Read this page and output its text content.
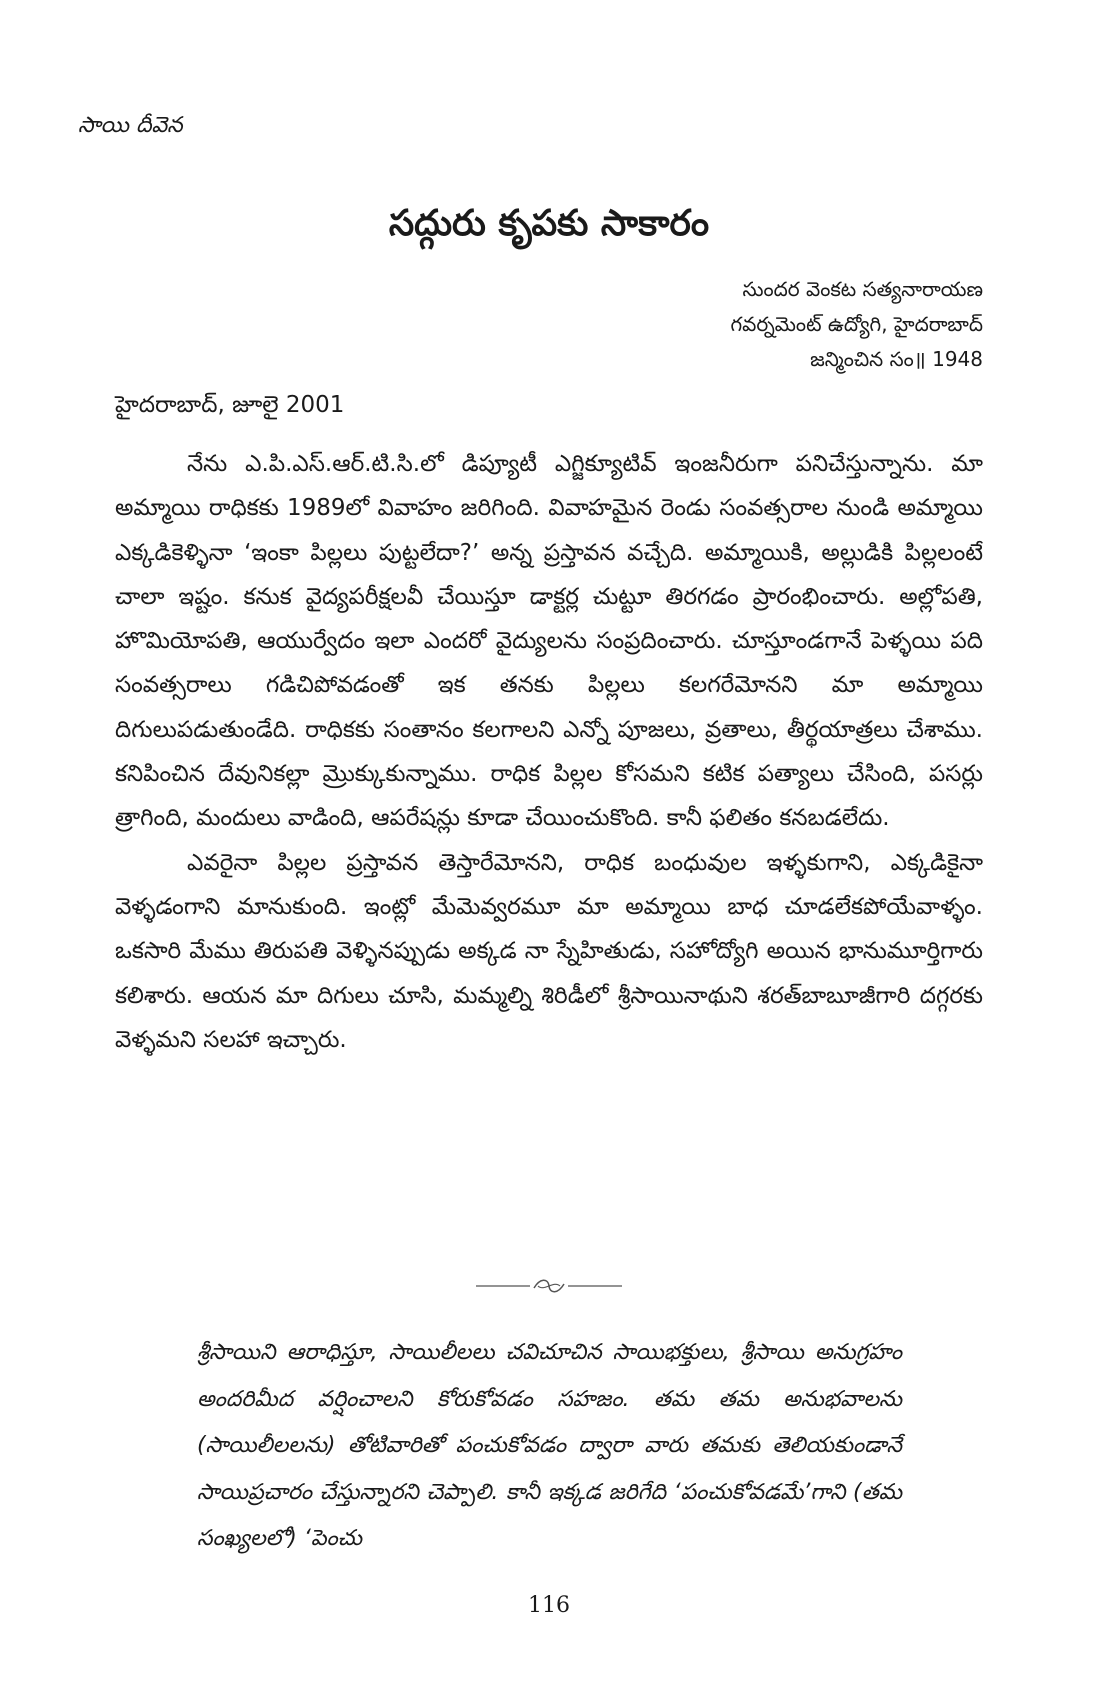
సాయి దీవెన
సద్గురు కృపకు సాకారం
సుందర వెంకట సత్యనారాయణ
గవర్నమెంట్ ఉద్యోగి, హైదరాబాద్
జన్మించిన సం॥ 1948
హైదరాబాద్, జూలై 2001

నేను ఎ.పి.ఎస్.ఆర్.టి.సి.లో డిప్యూటీ ఎగ్జిక్యూటివ్ ఇంజనీరుగా పనిచేస్తున్నాను. మా అమ్మాయి రాధికకు 1989లో వివాహం జరిగింది. వివాహమైన రెండు సంవత్సరాల నుండి అమ్మాయి ఎక్కడికెళ్ళినా ‘ఇంకా పిల్లలు పుట్టలేదా?’ అన్న ప్రస్తావన వచ్చేది. అమ్మాయికి, అల్లుడికి పిల్లలంటే చాలా ఇష్టం. కనుక వైద్యపరీక్షలవీ చేయిస్తూ డాక్టర్ల చుట్టూ తిరగడం ప్రారంభించారు. అల్లోపతి, హొమియోపతి, ఆయుర్వేదం ఇలా ఎందరో వైద్యులను సంప్రదించారు. చూస్తూండగానే పెళ్ళయి పది సంవత్సరాలు గడిచిపోవడంతో ఇక తనకు పిల్లలు కలగరేమోనని మా అమ్మాయి దిగులుపడుతుండేది. రాధికకు సంతానం కలగాలని ఎన్నో పూజలు, వ్రతాలు, తీర్థయాత్రలు చేశాము. కనిపించిన దేవునికల్లా మ్రొక్కుకున్నాము. రాధిక పిల్లల కోసమని కటిక పత్యాలు చేసింది, పసర్లు త్రాగింది, మందులు వాడింది, ఆపరేషన్లు కూడా చేయించుకొంది. కానీ ఫలితం కనబడలేదు.

ఎవరైనా పిల్లల ప్రస్తావన తెస్తారేమోనని, రాధిక బంధువుల ఇళ్ళకుగాని, ఎక్కడికైనా వెళ్ళడంగాని మానుకుంది. ఇంట్లో మేమెవ్వరమూ మా అమ్మాయి బాధ చూడలేకపోయేవాళ్ళం. ఒకసారి మేము తిరుపతి వెళ్ళినప్పుడు అక్కడ నా స్నేహితుడు, సహోద్యోగి అయిన భానుమూర్తిగారు కలిశారు. ఆయన మా దిగులు చూసి, మమ్మల్ని శిరిడీలో శ్రీసాయినాథుని శరత్‌బాబూజీగారి దగ్గరకు వెళ్ళమని సలహా ఇచ్చారు.

శ్రీసాయిని ఆరాధిస్తూ, సాయిలీలలు చవిచూచిన సాయిభక్తులు, శ్రీసాయి అనుగ్రహం అందరిమీద వర్షించాలని కోరుకోవడం సహజం. తమ తమ అనుభవాలను (సాయిలీలలను) తోటివారితో పంచుకోవడం ద్వారా వారు తమకు తెలియకుండానే సాయిప్రచారం చేస్తున్నారని చెప్పాలి. కానీ ఇక్కడ జరిగేది ‘పంచుకోవడమే’గాని (తమ సంఖ్యలలో) ‘పెంచు
116
